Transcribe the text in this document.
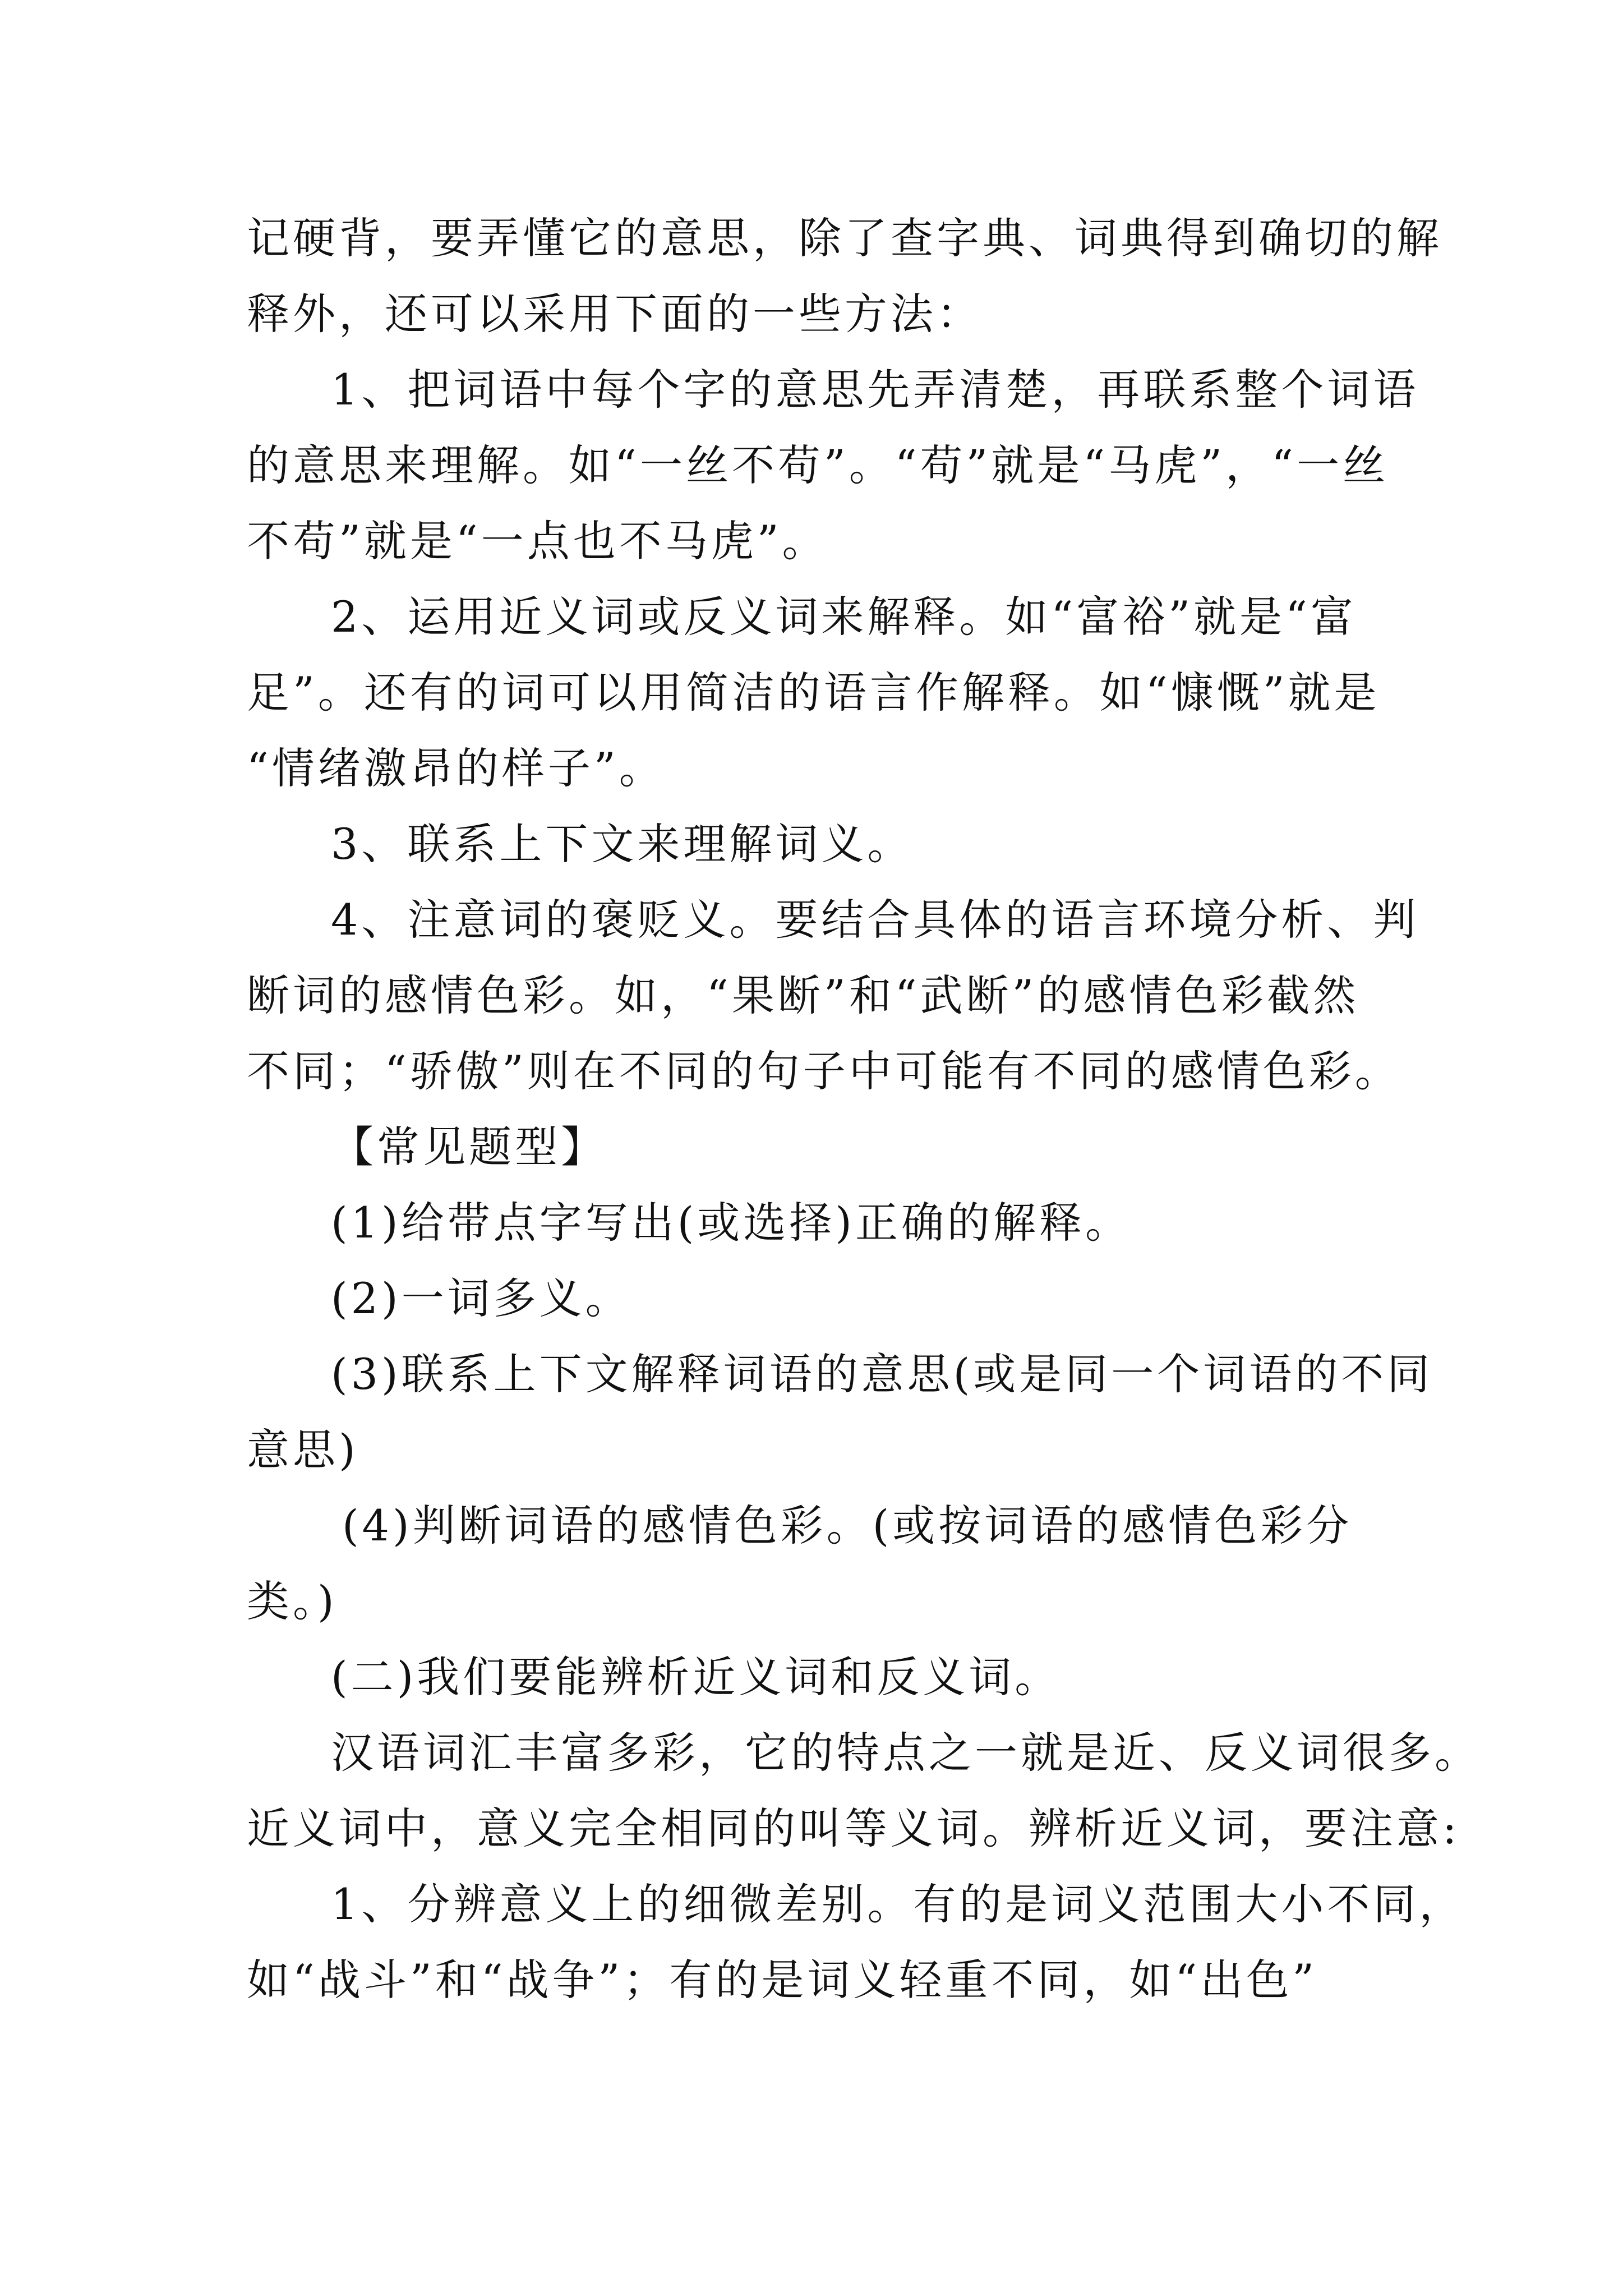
记硬背，要弄懂它的意思，除了查字典、词典得到确切的解
释外，还可以采用下面的一些方法：
1、把词语中每个字的意思先弄清楚，再联系整个词语
的意思来理解。如“一丝不苟”。“苟”就是“马虎”，“一丝
不苟”就是“一点也不马虎”。
2、运用近义词或反义词来解释。如“富裕”就是“富
足”。还有的词可以用简洁的语言作解释。如“慷慨”就是
“情绪激昂的样子”。
3、联系上下文来理解词义。
4、注意词的褒贬义。要结合具体的语言环境分析、判
断词的感情色彩。如，“果断”和“武断”的感情色彩截然
不同；“骄傲”则在不同的句子中可能有不同的感情色彩。
【常见题型】
(1)给带点字写出(或选择)正确的解释。
(2)一词多义。
(3)联系上下文解释词语的意思(或是同一个词语的不同
意思)
(4)判断词语的感情色彩。(或按词语的感情色彩分
类。)
(二)我们要能辨析近义词和反义词。
汉语词汇丰富多彩，它的特点之一就是近、反义词很多。
近义词中，意义完全相同的叫等义词。辨析近义词，要注意:
1、分辨意义上的细微差别。有的是词义范围大小不同，
如“战斗”和“战争”；有的是词义轻重不同，如“出色”
